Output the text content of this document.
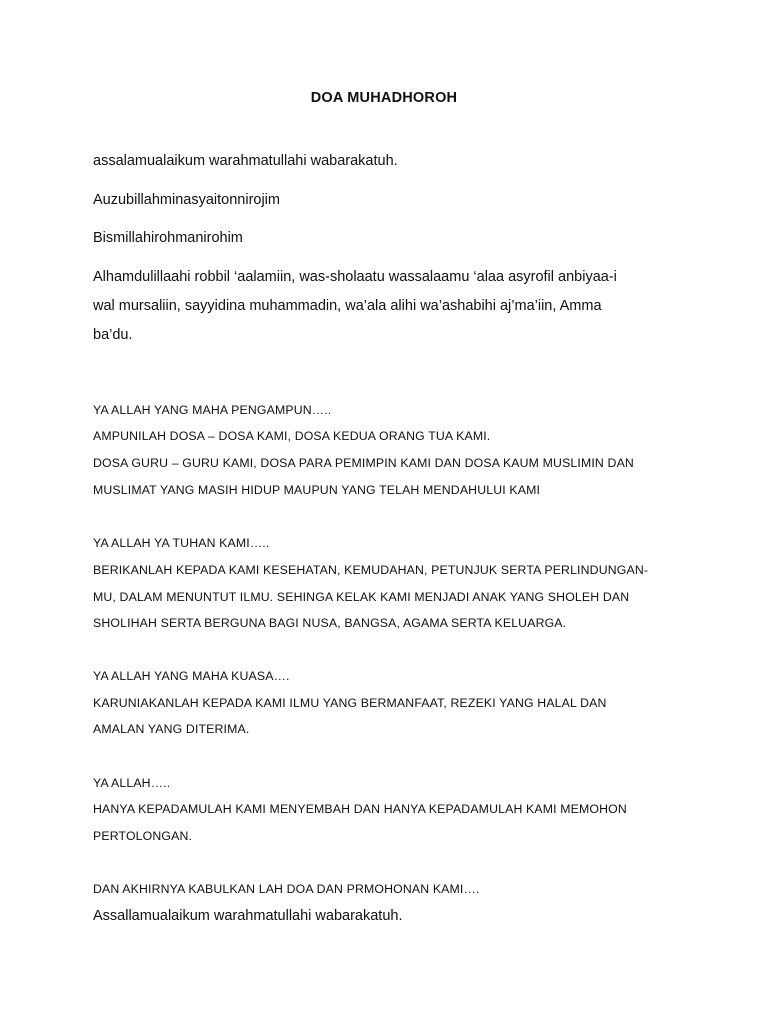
DOA MUHADHOROH
assalamualaikum warahmatullahi wabarakatuh.
Auzubillahminasyaitonnirojim
Bismillahirohmanirohim
Alhamdulillaahi robbil ‘aalamiin, was-sholaatu wassalaamu ‘alaa asyrofil anbiyaa-i
wal mursaliin, sayyidina muhammadin, wa’ala alihi wa’ashabihi aj’ma’iin, Amma
ba’du.
YA ALLAH YANG MAHA PENGAMPUN…..
AMPUNILAH DOSA – DOSA KAMI, DOSA KEDUA ORANG TUA KAMI.
DOSA GURU – GURU KAMI, DOSA PARA PEMIMPIN KAMI DAN DOSA KAUM MUSLIMIN DAN
MUSLIMAT YANG MASIH HIDUP MAUPUN YANG TELAH MENDAHULUI KAMI
YA ALLAH YA TUHAN KAMI…..
BERIKANLAH KEPADA KAMI KESEHATAN, KEMUDAHAN, PETUNJUK SERTA PERLINDUNGAN-
MU, DALAM MENUNTUT ILMU. SEHINGA KELAK KAMI MENJADI ANAK YANG SHOLEH DAN
SHOLIHAH SERTA BERGUNA BAGI NUSA, BANGSA, AGAMA SERTA KELUARGA.
YA ALLAH YANG MAHA KUASA….
KARUNIAKANLAH KEPADA KAMI ILMU YANG BERMANFAAT, REZEKI YANG HALAL DAN
AMALAN YANG DITERIMA.
YA ALLAH…..
HANYA KEPADAMULAH KAMI MENYEMBAH DAN HANYA KEPADAMULAH KAMI MEMOHON
PERTOLONGAN.
DAN AKHIRNYA KABULKAN LAH DOA DAN PRMOHONAN KAMI….
Assallamualaikum warahmatullahi wabarakatuh.
